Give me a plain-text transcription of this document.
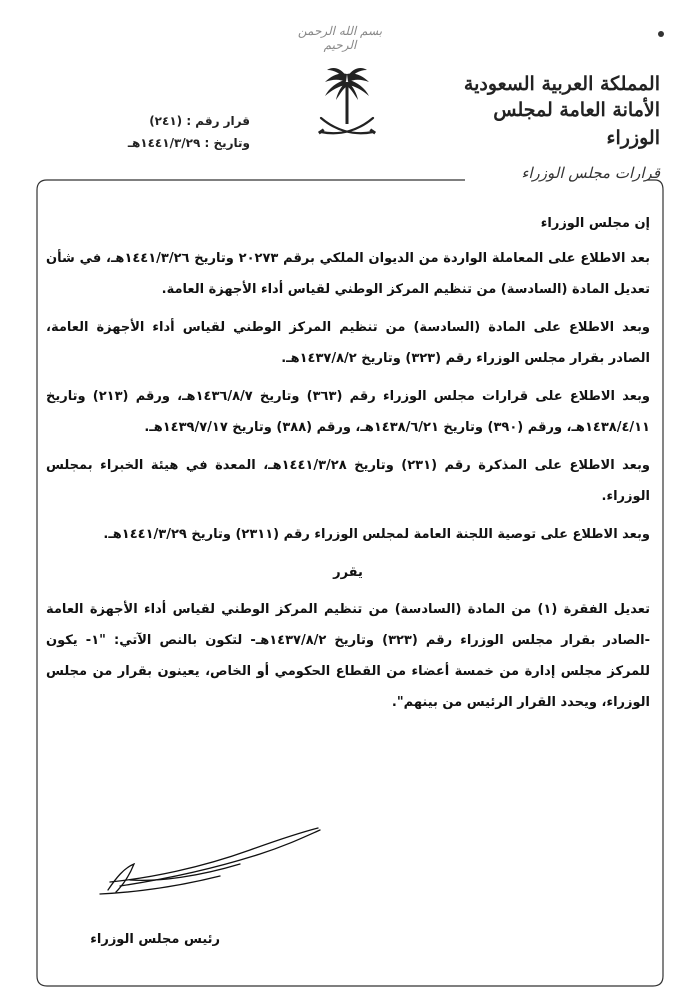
بسم الله الرحمن الرحيم
المملكة العربية السعودية
الأمانة العامة لمجلس الوزراء
قرارات مجلس الوزراء
قرار رقم : (٢٤١)
وتاريخ : ١٤٤١/٣/٢٩هـ

إن مجلس الوزراء

بعد الاطلاع على المعاملة الواردة من الديوان الملكي برقم ٢٠٢٧٣ وتاريخ ١٤٤١/٣/٢٦هـ، في شأن تعديل المادة (السادسة) من تنظيم المركز الوطني لقياس أداء الأجهزة العامة.

وبعد الاطلاع على المادة (السادسة) من تنظيم المركز الوطني لقياس أداء الأجهزة العامة، الصادر بقرار مجلس الوزراء رقم (٣٢٣) وتاريخ ١٤٣٧/٨/٢هـ.

وبعد الاطلاع على قرارات مجلس الوزراء رقم (٣٦٣) وتاريخ ١٤٣٦/٨/٧هـ، ورقم (٢١٣) وتاريخ ١٤٣٨/٤/١١هـ، ورقم (٣٩٠) وتاريخ ١٤٣٨/٦/٢١هـ، ورقم (٣٨٨) وتاريخ ١٤٣٩/٧/١٧هـ.

وبعد الاطلاع على المذكرة رقم (٢٣١) وتاريخ ١٤٤١/٣/٢٨هـ، المعدة في هيئة الخبراء بمجلس الوزراء.

وبعد الاطلاع على توصية اللجنة العامة لمجلس الوزراء رقم (٢٣١١) وتاريخ ١٤٤١/٣/٢٩هـ.

يقرر

تعديل الفقرة (١) من المادة (السادسة) من تنظيم المركز الوطني لقياس أداء الأجهزة العامة -الصادر بقرار مجلس الوزراء رقم (٣٢٣) وتاريخ ١٤٣٧/٨/٢هـ- لتكون بالنص الآتي: "١- يكون للمركز مجلس إدارة من خمسة أعضاء من القطاع الحكومي أو الخاص، يعينون بقرار من مجلس الوزراء، ويحدد القرار الرئيس من بينهم".

رئيس مجلس الوزراء
